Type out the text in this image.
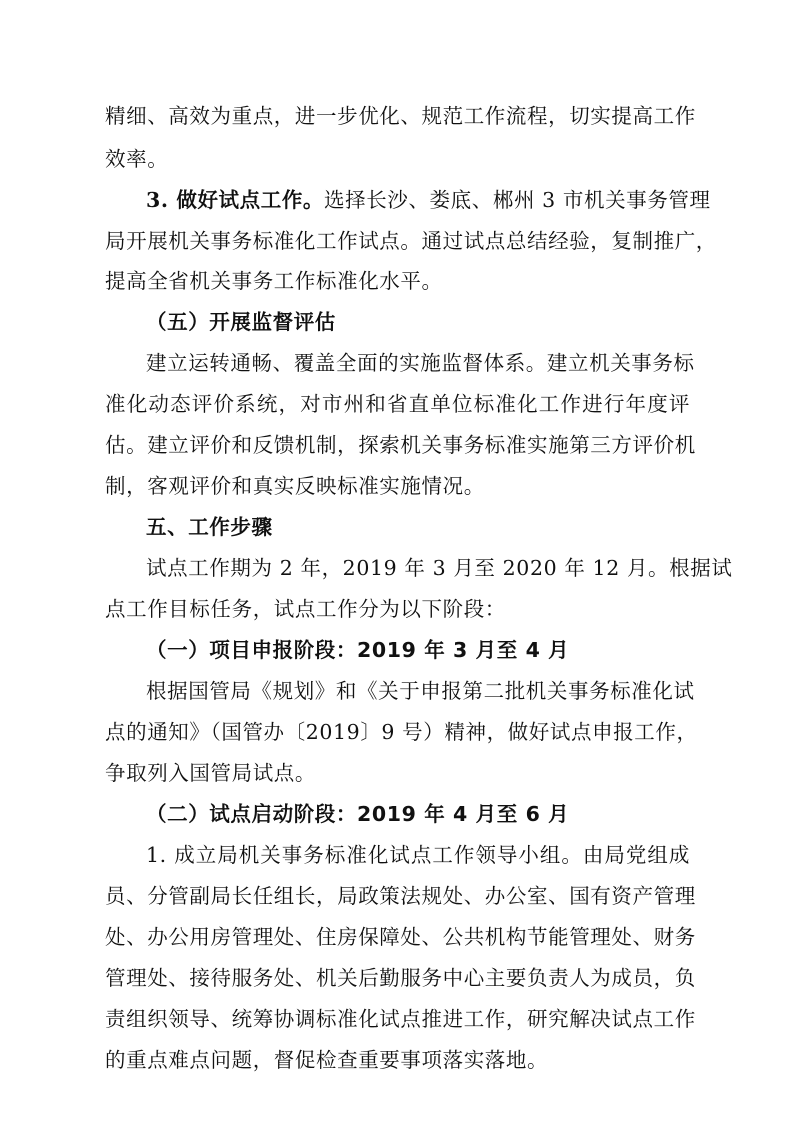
精细、高效为重点，进一步优化、规范工作流程，切实提高工作
效率。
3. 做好试点工作。选择长沙、娄底、郴州 3 市机关事务管理
局开展机关事务标准化工作试点。通过试点总结经验，复制推广，
提高全省机关事务工作标准化水平。
（五）开展监督评估
建立运转通畅、覆盖全面的实施监督体系。建立机关事务标
准化动态评价系统，对市州和省直单位标准化工作进行年度评
估。建立评价和反馈机制，探索机关事务标准实施第三方评价机
制，客观评价和真实反映标准实施情况。
五、工作步骤
试点工作期为 2 年，2019 年 3 月至 2020 年 12 月。根据试
点工作目标任务，试点工作分为以下阶段：
（一）项目申报阶段：2019 年 3 月至 4 月
根据国管局《规划》和《关于申报第二批机关事务标准化试
点的通知》（国管办〔2019〕9 号）精神，做好试点申报工作，
争取列入国管局试点。
（二）试点启动阶段：2019 年 4 月至 6 月
1. 成立局机关事务标准化试点工作领导小组。由局党组成
员、分管副局长任组长，局政策法规处、办公室、国有资产管理
处、办公用房管理处、住房保障处、公共机构节能管理处、财务
管理处、接待服务处、机关后勤服务中心主要负责人为成员，负
责组织领导、统筹协调标准化试点推进工作，研究解决试点工作
的重点难点问题，督促检查重要事项落实落地。
